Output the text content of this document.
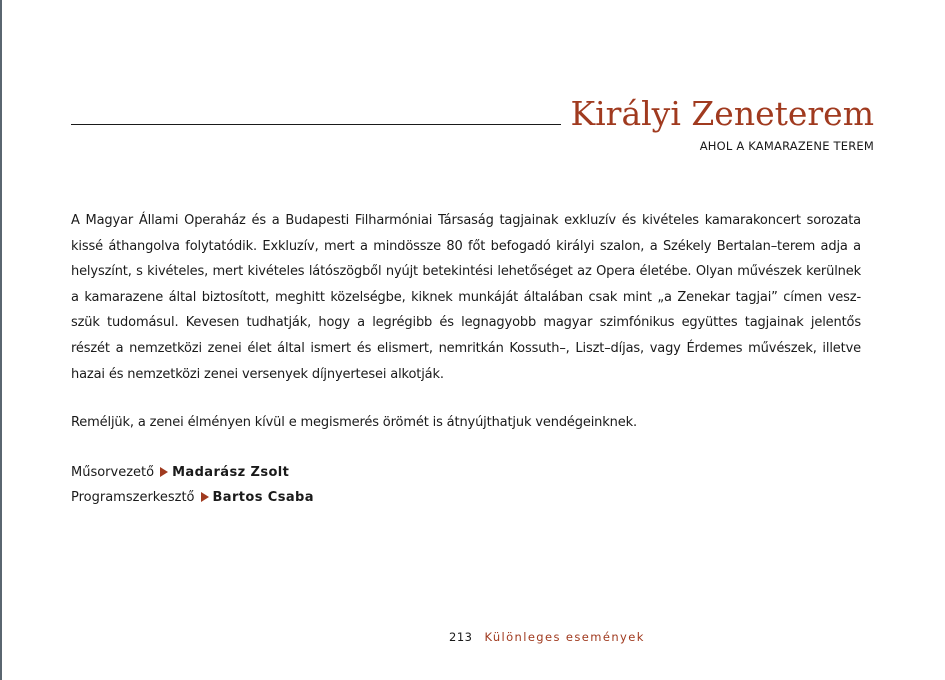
Királyi Zeneterem
AHOL A KAMARAZENE TEREM

A Magyar Állami Operaház és a Budapesti Filharmóniai Társaság tagjainak exkluzív és kivételes kamarakoncert sorozata kissé áthangolva folytatódik. Exkluzív, mert a mindössze 80 főt befogadó királyi szalon, a Székely Bertalan–terem adja a helyszínt, s kivételes, mert kivételes látószögből nyújt betekintési lehetőséget az Opera életébe. Olyan művészek kerülnek a kamarazene által biztosított, meghitt közelségbe, kiknek munkáját általában csak mint „a Zenekar tagjai” címen vesz-szük tudomásul. Kevesen tudhatják, hogy a legrégibb és legnagyobb magyar szimfónikus együttes tagjainak jelentős részét a nemzetközi zenei élet által ismert és elismert, nemritkán Kossuth–, Liszt–díjas, vagy Érdemes művészek, illetve hazai és nemzetközi zenei versenyek díjnyertesei alkotják.

Reméljük, a zenei élményen kívül e megismerés örömét is átnyújthatjuk vendégeinknek.

Műsorvezető Madarász Zsolt
Programszerkesztő Bartos Csaba
213 Különleges események
